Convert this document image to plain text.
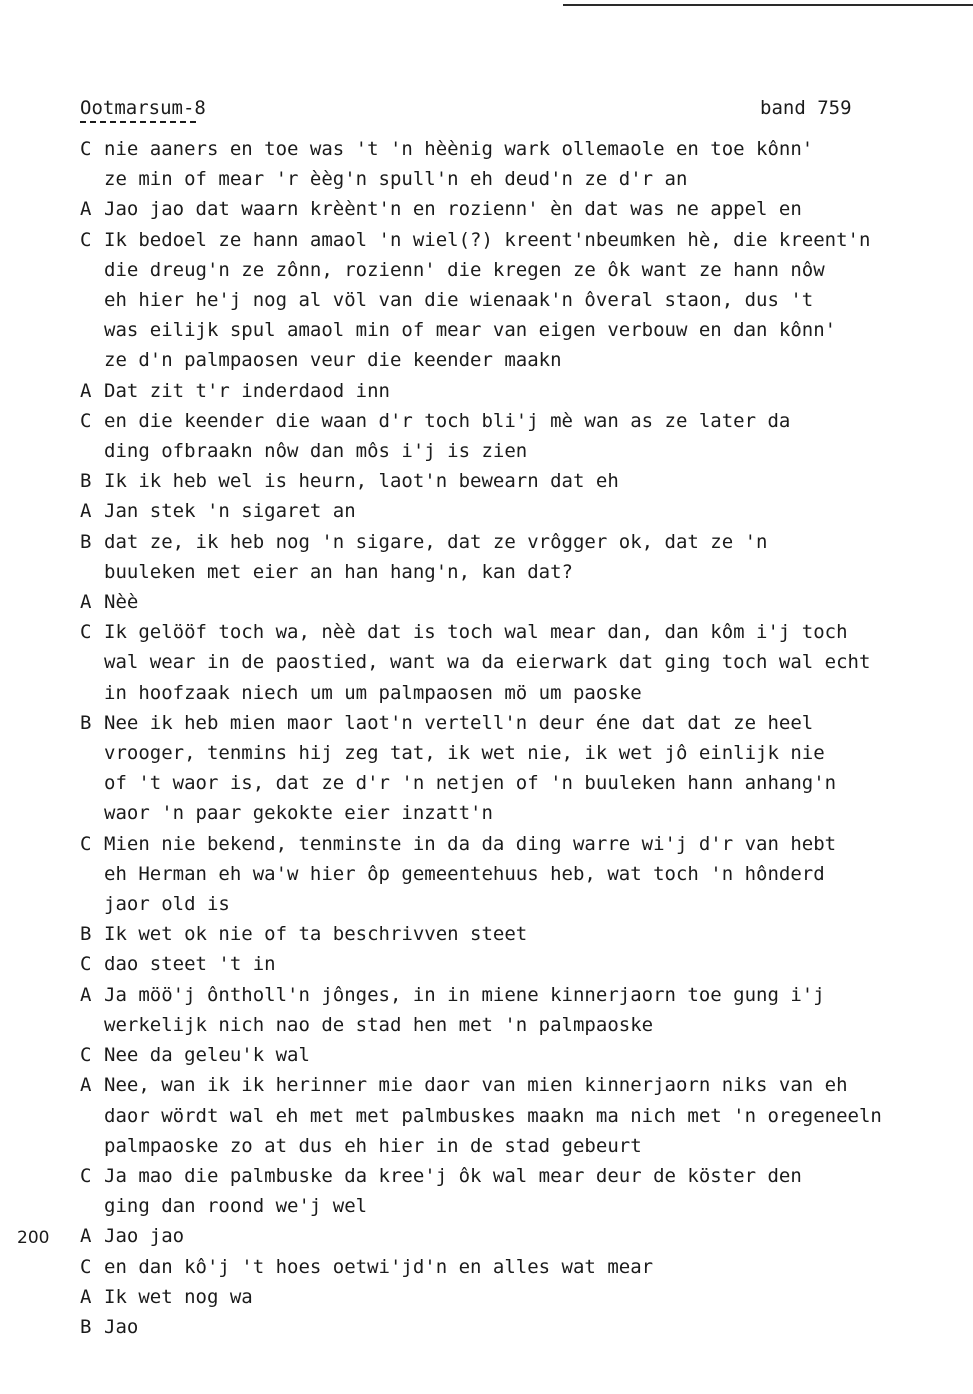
Ootmarsum-8	band 759
200
C nie aaners en toe was 't 'n hèènig wark ollemaole en toe kônn'
ze min of mear 'r èèg'n spull'n eh deud'n ze d'r an
A Jao jao dat waarn krèènt'n en rozienn' èn dat was ne appel en
C Ik bedoel ze hann amaol 'n wiel(?) kreent'nbeumken hè, die kreent'n
die dreug'n ze zônn, rozienn' die kregen ze ôk want ze hann nôw
eh hier he'j nog al völ van die wienaak'n ôveral staon, dus 't
was eilijk spul amaol min of mear van eigen verbouw en dan kônn'
ze d'n palmpaosen veur die keender maakn
A Dat zit t'r inderdaod inn
C en die keender die waan d'r toch bli'j mè wan as ze later da
ding ofbraakn nôw dan môs i'j is zien
B Ik ik heb wel is heurn, laot'n bewearn dat eh
A Jan stek 'n sigaret an
B dat ze, ik heb nog 'n sigare, dat ze vrôgger ok, dat ze 'n
buuleken met eier an han hang'n, kan dat?
A Nèè
C Ik gelööf toch wa, nèè dat is toch wal mear dan, dan kôm i'j toch
wal wear in de paostied, want wa da eierwark dat ging toch wal echt
in hoofzaak niech um um palmpaosen mö um paoske
B Nee ik heb mien maor laot'n vertell'n deur éne dat dat ze heel
vrooger, tenmins hij zeg tat, ik wet nie, ik wet jô einlijk nie
of 't waor is, dat ze d'r 'n netjen of 'n buuleken hann anhang'n
waor 'n paar gekokte eier inzatt'n
C Mien nie bekend, tenminste in da da ding warre wi'j d'r van hebt
eh Herman eh wa'w hier ôp gemeentehuus heb, wat toch 'n hônderd
jaor old is
B Ik wet ok nie of ta beschrivven steet
C dao steet 't in
A Ja möö'j ôntholl'n jônges, in in miene kinnerjaorn toe gung i'j
werkelijk nich nao de stad hen met 'n palmpaoske
C Nee da geleu'k wal
A Nee, wan ik ik herinner mie daor van mien kinnerjaorn niks van eh
daor wördt wal eh met met palmbuskes maakn ma nich met 'n oregeneeln
palmpaoske zo at dus eh hier in de stad gebeurt
C Ja mao die palmbuske da kree'j ôk wal mear deur de köster den
ging dan roond we'j wel
A Jao jao
C en dan kô'j 't hoes oetwi'jd'n en alles wat mear
A Ik wet nog wa
B Jao
